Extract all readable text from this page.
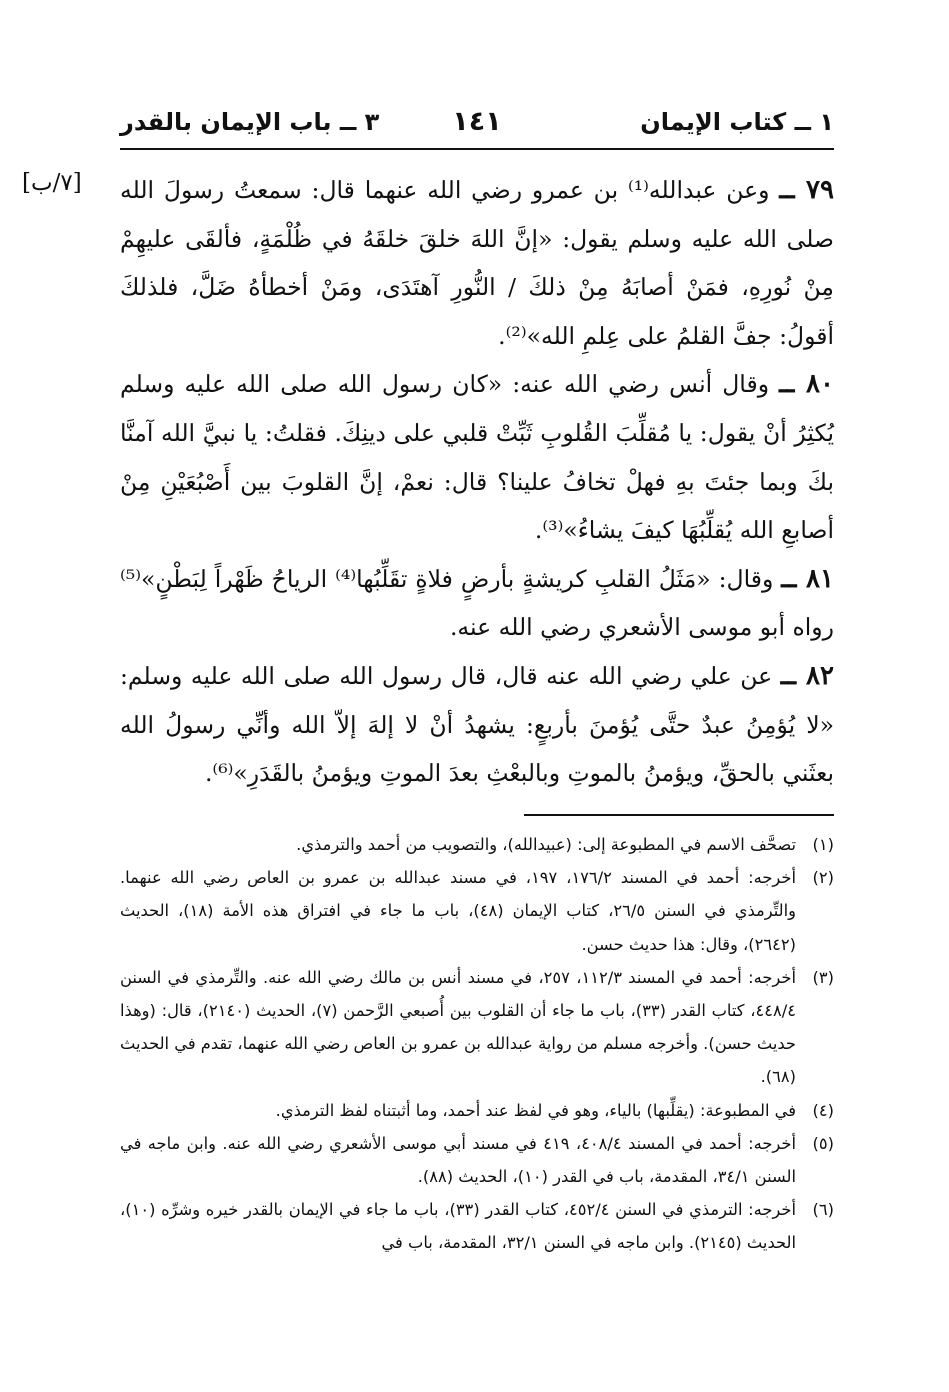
١ ــ كتاب الإيمان
١٤١
٣ ــ باب الإيمان بالقدر
[٧/ب]	٧٩ ــ وعن عبدالله⁽¹⁾ بن عمرو رضي الله عنهما قال: سمعتُ رسولَ الله صلى الله عليه وسلم يقول: «إنَّ اللهَ خلقَ خلقَهُ في ظُلْمَةٍ، فألقَى عليهِمْ مِنْ نُورِهِ، فمَنْ أصابَهُ مِنْ ذلكَ / النُّورِ آهتَدَى، ومَنْ أخطأهُ ضَلَّ، فلذلكَ أقولُ: جفَّ القلمُ على عِلمِ الله»⁽²⁾.

٨٠ ــ وقال أنس رضي الله عنه: «كان رسول الله صلى الله عليه وسلم يُكثِرُ أنْ يقول: يا مُقلِّبَ القُلوبِ ثَبِّتْ قلبي على دينِكَ. فقلتُ: يا نبيَّ الله آمنَّا بكَ وبما جئتَ بهِ فهلْ تخافُ علينا؟ قال: نعمْ، إنَّ القلوبَ بين أَصْبُعَيْنِ مِنْ أصابعِ الله يُقلِّبُهَا كيفَ يشاءُ»⁽³⁾.

٨١ ــ وقال: «مَثَلُ القلبِ كريشةٍ بأرضٍ فلاةٍ تقَلِّبُها⁽⁴⁾ الرياحُ ظَهْراً لِبَطْنٍ»⁽⁵⁾ رواه أبو موسى الأشعري رضي الله عنه.

٨٢ ــ عن علي رضي الله عنه قال، قال رسول الله صلى الله عليه وسلم: «لا يُؤمِنُ عبدٌ حتَّى يُؤمنَ بأربعٍ: يشهدُ أنْ لا إلهَ إلاّ الله وأنِّي رسولُ الله بعثَني بالحقِّ، ويؤمنُ بالموتِ وبالبعْثِ بعدَ الموتِ ويؤمنُ بالقَدَرِ»⁽⁶⁾.

(١)
تصحَّف الاسم في المطبوعة إلى: (عبيدالله)، والتصويب من أحمد والترمذي.
(٢)
أخرجه: أحمد في المسند ١٧٦/٢، ١٩٧، في مسند عبدالله بن عمرو بن العاص رضي الله عنهما. والتِّرمذي في السنن ٢٦/٥، كتاب الإيمان (٤٨)، باب ما جاء في افتراق هذه الأمة (١٨)، الحديث (٢٦٤٢)، وقال: هذا حديث حسن.
(٣)
أخرجه: أحمد في المسند ١١٢/٣، ٢٥٧، في مسند أنس بن مالك رضي الله عنه. والتِّرمذي في السنن ٤٤٨/٤، كتاب القدر (٣٣)، باب ما جاء أن القلوب بين أُصبعي الرَّحمن (٧)، الحديث (٢١٤٠)، قال: (وهذا حديث حسن). وأخرجه مسلم من رواية عبدالله بن عمرو بن العاص رضي الله عنهما، تقدم في الحديث (٦٨).
(٤)
في المطبوعة: (يقلِّبها) بالياء، وهو في لفظ عند أحمد، وما أثبتناه لفظ الترمذي.
(٥)
أخرجه: أحمد في المسند ٤٠٨/٤، ٤١٩ في مسند أبي موسى الأشعري رضي الله عنه. وابن ماجه في السنن ٣٤/١، المقدمة، باب في القدر (١٠)، الحديث (٨٨).
(٦)
أخرجه: الترمذي في السنن ٤٥٢/٤، كتاب القدر (٣٣)، باب ما جاء في الإيمان بالقدر خيره وشرِّه (١٠)، الحديث (٢١٤٥). وابن ماجه في السنن ٣٢/١، المقدمة، باب في
